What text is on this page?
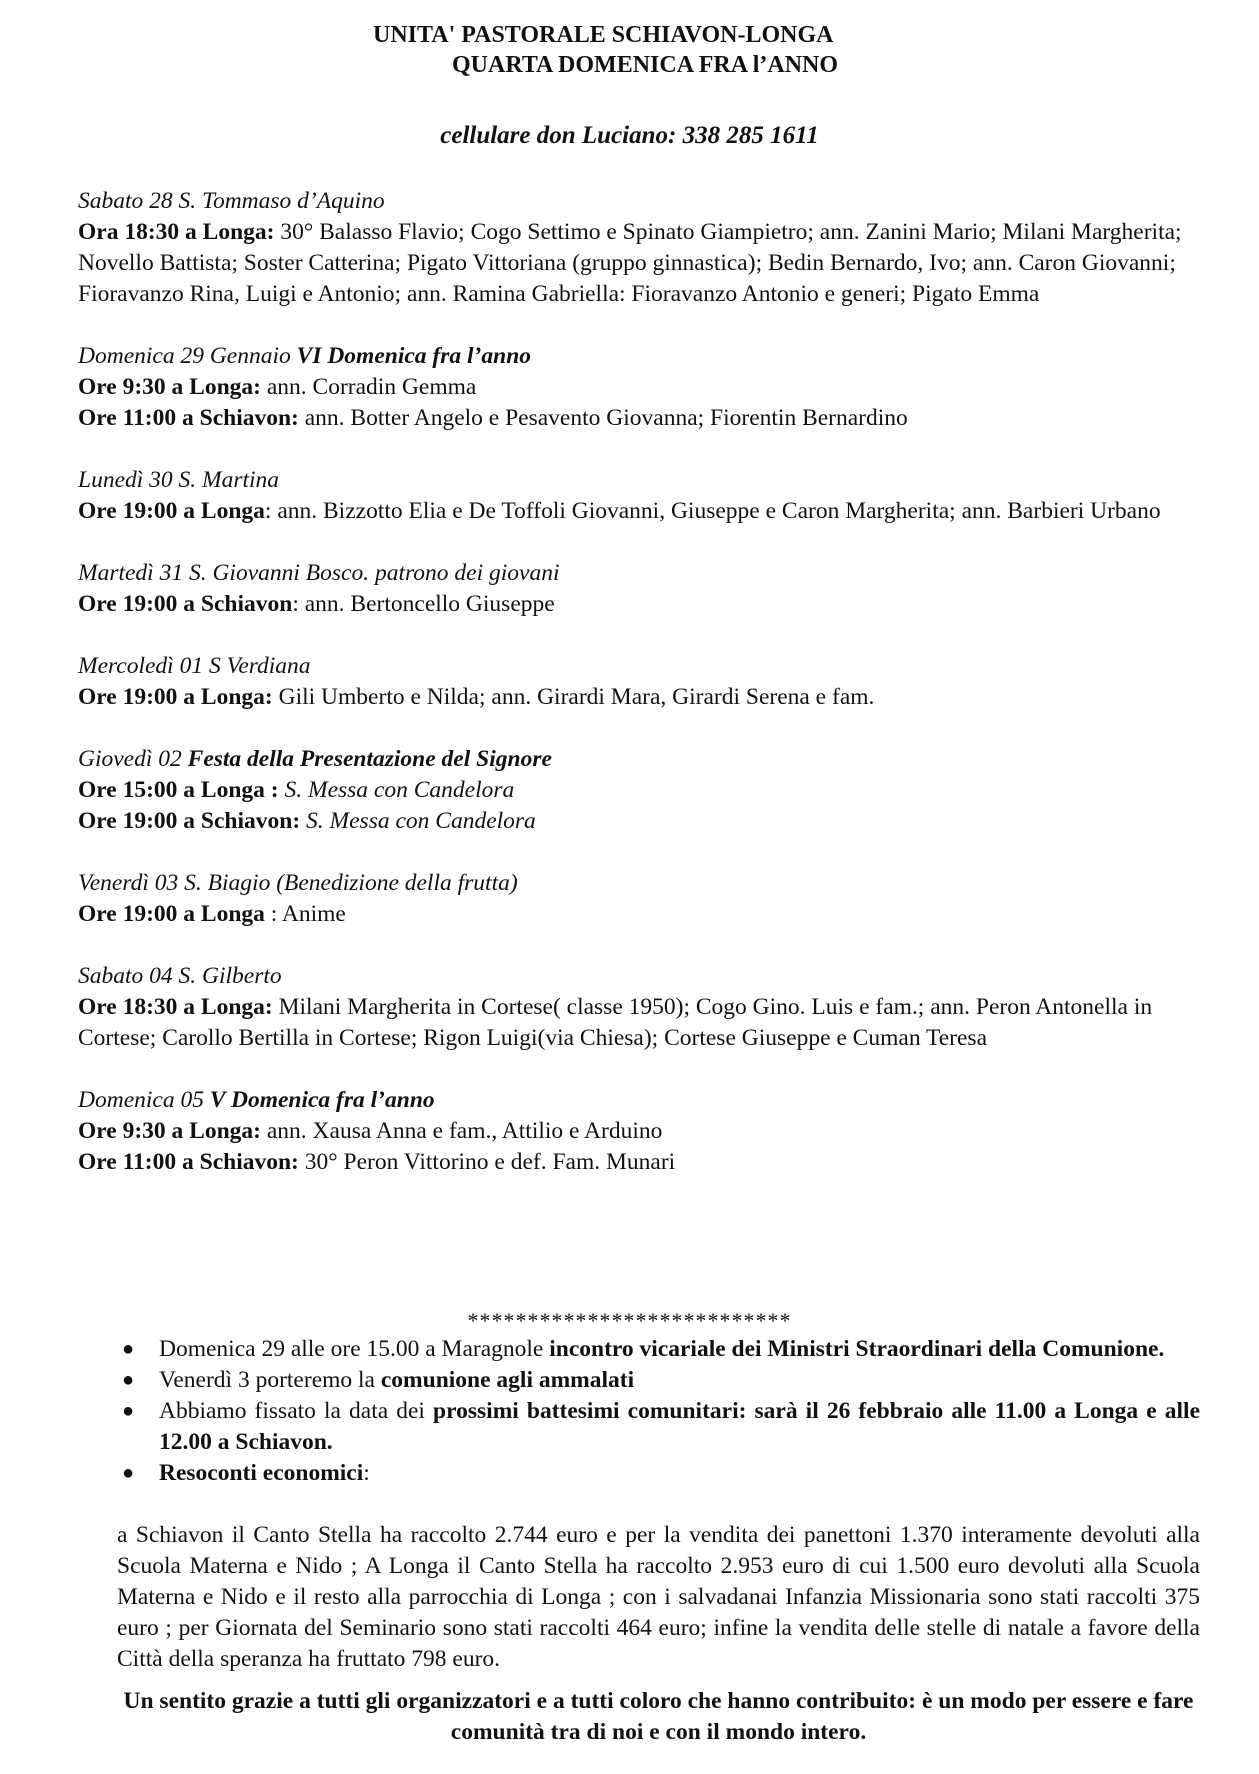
UNITA' PASTORALE SCHIAVON-LONGA
QUARTA DOMENICA FRA l’ANNO
cellulare don Luciano: 338 285 1611
Sabato 28 S. Tommaso d’Aquino
Ora 18:30 a Longa: 30° Balasso Flavio; Cogo Settimo e Spinato Giampietro; ann. Zanini Mario; Milani Margherita; Novello Battista; Soster Catterina; Pigato Vittoriana (gruppo ginnastica); Bedin Bernardo, Ivo; ann. Caron Giovanni; Fioravanzo Rina, Luigi e Antonio; ann. Ramina Gabriella: Fioravanzo Antonio e generi; Pigato Emma
Domenica 29 Gennaio VI Domenica fra l’anno
Ore 9:30 a Longa: ann. Corradin Gemma
Ore 11:00 a Schiavon: ann. Botter Angelo e Pesavento Giovanna; Fiorentin Bernardino
Lunedì 30 S. Martina
Ore 19:00 a Longa: ann. Bizzotto Elia e De Toffoli Giovanni, Giuseppe e Caron Margherita; ann. Barbieri Urbano
Martedì 31 S. Giovanni Bosco. patrono dei giovani
Ore 19:00 a Schiavon: ann. Bertoncello Giuseppe
Mercoledì 01 S Verdiana
Ore 19:00 a Longa: Gili Umberto e Nilda; ann. Girardi Mara, Girardi Serena e fam.
Giovedì 02 Festa della Presentazione del Signore
Ore 15:00 a Longa : S. Messa con Candelora
Ore 19:00 a Schiavon: S. Messa con Candelora
Venerdì 03 S. Biagio (Benedizione della frutta)
Ore 19:00 a Longa : Anime
Sabato 04 S. Gilberto
Ore 18:30 a Longa: Milani Margherita in Cortese( classe 1950); Cogo Gino. Luis e fam.; ann. Peron Antonella in Cortese; Carollo Bertilla in Cortese; Rigon Luigi(via Chiesa); Cortese Giuseppe e Cuman Teresa
Domenica 05 V Domenica fra l’anno
Ore 9:30 a Longa: ann. Xausa Anna e fam., Attilio e Arduino
Ore 11:00 a Schiavon: 30° Peron Vittorino e def. Fam. Munari
***************************
● Domenica 29 alle ore 15.00 a Maragnole incontro vicariale dei Ministri Straordinari della Comunione.
● Venerdì 3 porteremo la comunione agli ammalati
● Abbiamo fissato la data dei prossimi battesimi comunitari: sarà il 26 febbraio alle 11.00 a Longa e alle 12.00 a Schiavon.
● Resoconti economici:
a Schiavon il Canto Stella ha raccolto 2.744 euro e per la vendita dei panettoni 1.370 interamente devoluti alla Scuola Materna e Nido ; A Longa il Canto Stella ha raccolto 2.953 euro di cui 1.500 euro devoluti alla Scuola Materna e Nido e il resto alla parrocchia di Longa ; con i salvadanai Infanzia Missionaria sono stati raccolti 375 euro ; per Giornata del Seminario sono stati raccolti 464 euro; infine la vendita delle stelle di natale a favore della Città della speranza ha fruttato 798 euro.
Un sentito grazie a tutti gli organizzatori e a tutti coloro che hanno contribuito: è un modo per essere e fare comunità tra di noi e con il mondo intero.
